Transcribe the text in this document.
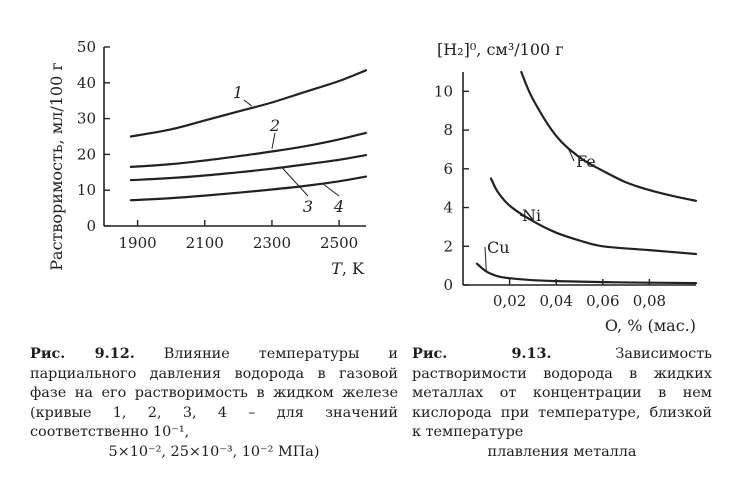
0
10
20
30
40
50
1900 2100 2300 2500
Растворимость, мл/100 г	T, K
1
2
3 4
0
2
4
6
8
10
0,02 0,04 0,06 0,08
[H₂]⁰, см³/100 г
O, % (мас.)
Fe
Ni
Cu
Рис. 9.12. Влияние температуры и парциального давления водорода в газовой фазе на его растворимость в жидком железе (кривые 1, 2, 3, 4 – для значений соответственно 10⁻¹,
5×10⁻², 25×10⁻³, 10⁻² МПа)
Рис. 9.13. Зависимость растворимости водорода в жидких металлах от концентрации в нем кислорода при температуре, близкой к температуре
плавления металла
